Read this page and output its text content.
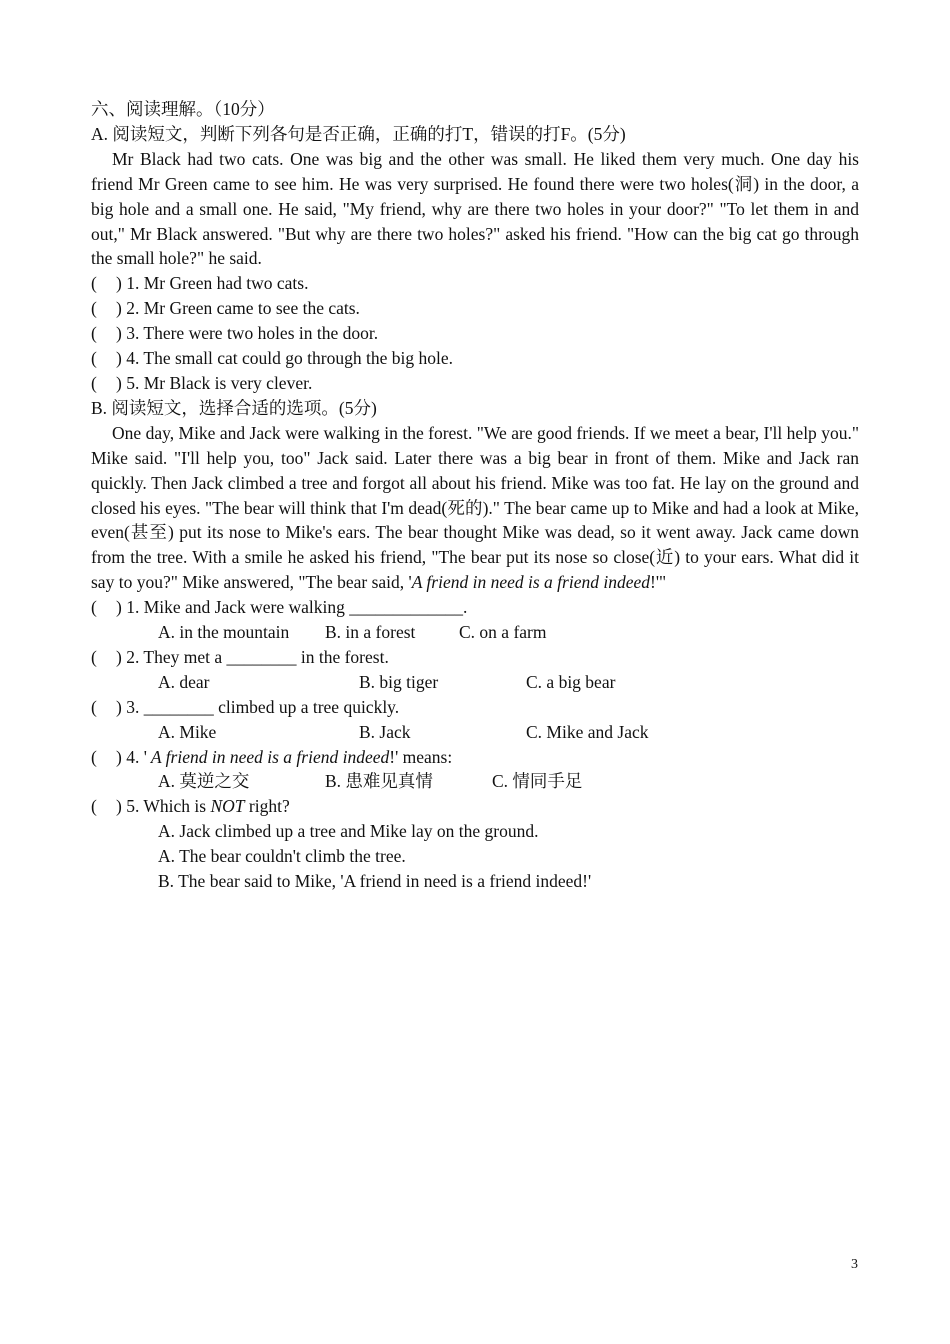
六、阅读理解。（10分）
A. 阅读短文，判断下列各句是否正确，正确的打T，错误的打F。(5分)
Mr Black had two cats. One was big and the other was small. He liked them very much. One day his friend Mr Green came to see him. He was very surprised. He found there were two holes(洞) in the door, a big hole and a small one. He said, "My friend, why are there two holes in your door?" "To let them in and out," Mr Black answered. "But why are there two holes?" asked his friend. "How can the big cat go through the small hole?" he said.
( ) 1. Mr Green had two cats.
( ) 2. Mr Green came to see the cats.
( ) 3. There were two holes in the door.
( ) 4. The small cat could go through the big hole.
( ) 5. Mr Black is very clever.
B. 阅读短文，选择合适的选项。(5分)
One day, Mike and Jack were walking in the forest. "We are good friends. If we meet a bear, I'll help you." Mike said. "I'll help you, too" Jack said. Later there was a big bear in front of them. Mike and Jack ran quickly. Then Jack climbed a tree and forgot all about his friend. Mike was too fat. He lay on the ground and closed his eyes. "The bear will think that I'm dead(死的)." The bear came up to Mike and had a look at Mike, even(甚至) put its nose to Mike's ears. The bear thought Mike was dead, so it went away. Jack came down from the tree. With a smile he asked his friend, "The bear put its nose so close(近) to your ears. What did it say to you?" Mike answered, "The bear said, 'A friend in need is a friend indeed!'"
( ) 1. Mike and Jack were walking _____________.
A. in the mountain B. in a forest C. on a farm
( ) 2. They met a ________ in the forest.
A. dear	B. big tiger	C. a big bear
( ) 3. ________ climbed up a tree quickly.
A. Mike	B. Jack	C. Mike and Jack
( ) 4. ' A friend in need is a friend indeed!' means:
A. 莫逆之交	B. 患难见真情	C. 情同手足
( ) 5. Which is NOT right?
A. Jack climbed up a tree and Mike lay on the ground.
A. The bear couldn't climb the tree.
B. The bear said to Mike, 'A friend in need is a friend indeed!'
3
